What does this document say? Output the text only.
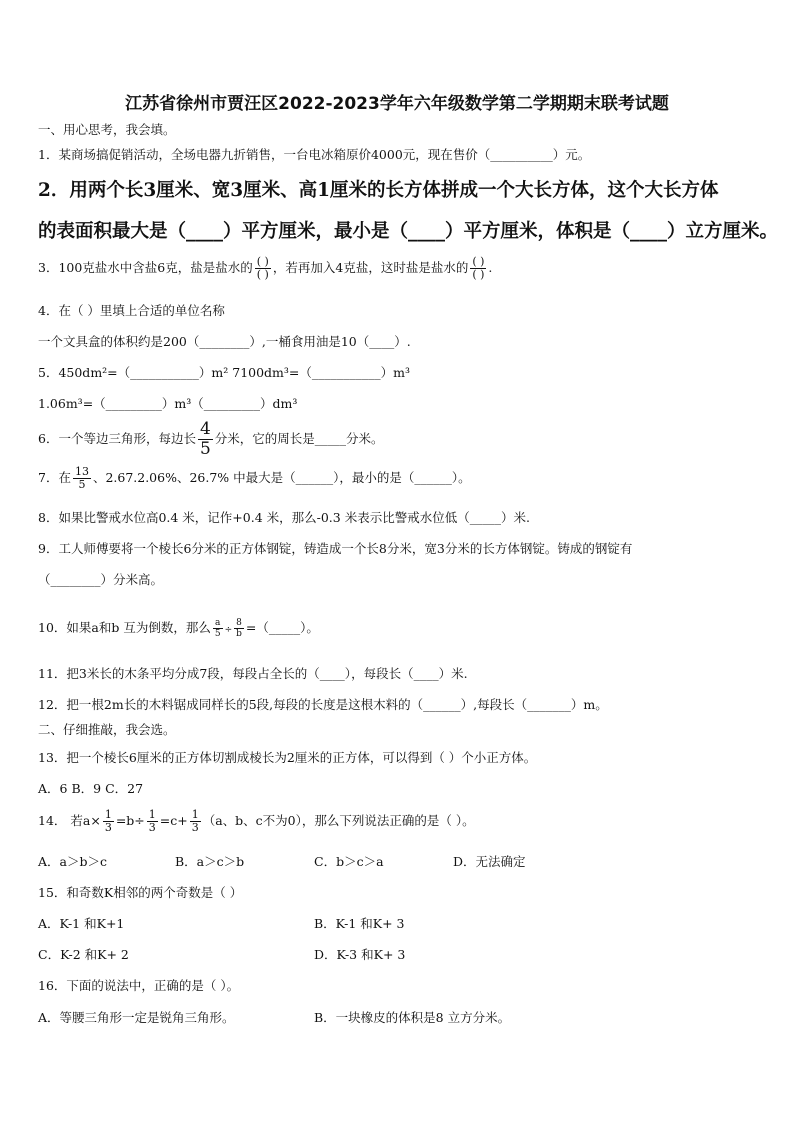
江苏省徐州市贾汪区2022-2023学年六年级数学第二学期期末联考试题
一、用心思考，我会填。
1．某商场搞促销活动，全场电器九折销售，一台电冰箱原价4000元，现在售价（__________）元。
2．用两个长3厘米、宽3厘米、高1厘米的长方体拼成一个大长方体，这个大长方体
的表面积最大是（____）平方厘米，最小是（____）平方厘米，体积是（____）立方厘米。
3．100克盐水中含盐6克，盐是盐水的 $\frac{( )}{( )}$ ，若再加入4克盐，这时盐是盐水的 $\frac{( )}{( )}$ .
4．在（ ）里填上合适的单位名称
一个文具盒的体积约是200（________）,一桶食用油是10（____）.
5．450dm²=（___________）m² 7100dm³=（___________）m³
1.06m³=（_________）m³（_________）dm³
6．一个等边三角形，每边长 $\frac{4}{5}$ 分米，它的周长是_____分米。
7．在 $\frac{13}{5}$ 、2.67.2.06%、26.7% 中最大是（______），最小的是（______）。
8．如果比警戒水位高0.4 米，记作+0.4 米，那么-0.3 米表示比警戒水位低（_____）米.
9．工人师傅要将一个棱长6分米的正方体钢锭，铸造成一个长8分米，宽3分米的长方体钢锭。铸成的钢锭有
（________）分米高。
10．如果a和b 互为倒数，那么 $\frac{a}{5} \div \frac{8}{b}$ =（_____）。
11．把3米长的木条平均分成7段，每段占全长的（____），每段长（____）米.
12．把一根2m长的木料锯成同样长的5段,每段的长度是这根木料的（______）,每段长（_______）m。
二、仔细推敲，我会选。
13．把一个棱长6厘米的正方体切割成棱长为2厘米的正方体，可以得到（ ）个小正方体。
A．6 B．9 C．27
14． 若$a\times \frac{1}{3} =b\div \frac{1}{3} =c+ \frac{1}{3} (a$、b、c不为0），那么下列说法正确的是（ ）。
A．a＞b＞c	B．a＞c＞b	C．b＞c＞a	D．无法确定
15．和奇数K相邻的两个奇数是（ ）
A．K-1 和K+1	B．K-1 和K+ 3
C．K-2 和K+ 2	D．K-3 和K+ 3
16．下面的说法中，正确的是（ ）。
A．等腰三角形一定是锐角三角形。	B．一块橡皮的体积是8 立方分米。
